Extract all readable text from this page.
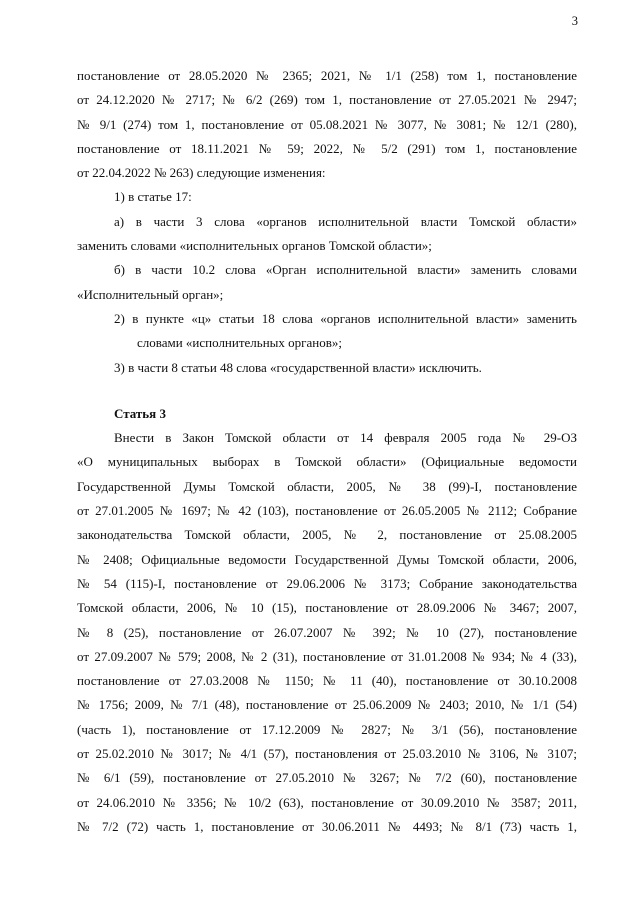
3

постановление от 28.05.2020 № 2365; 2021, № 1/1 (258) том 1, постановление
от 24.12.2020 № 2717; № 6/2 (269) том 1, постановление от 27.05.2021 № 2947;
№ 9/1 (274) том 1, постановление от 05.08.2021 № 3077, № 3081; № 12/1 (280),
постановление от 18.11.2021 № 59; 2022, № 5/2 (291) том 1, постановление
от 22.04.2022 № 263) следующие изменения:
1) в статье 17:
а) в части 3 слова «органов исполнительной власти Томской области»
заменить словами «исполнительных органов Томской области»;
б) в части 10.2 слова «Орган исполнительной власти» заменить словами
«Исполнительный орган»;
2) в пункте «ц» статьи 18 слова «органов исполнительной власти» заменить
словами «исполнительных органов»;
3) в части 8 статьи 48 слова «государственной власти» исключить.
Статья 3
Внести в Закон Томской области от 14 февраля 2005 года № 29-ОЗ
«О муниципальных выборах в Томской области» (Официальные ведомости
Государственной Думы Томской области, 2005, № 38 (99)-I, постановление
от 27.01.2005 № 1697; № 42 (103), постановление от 26.05.2005 № 2112; Собрание
законодательства Томской области, 2005, № 2, постановление от 25.08.2005
№ 2408; Официальные ведомости Государственной Думы Томской области, 2006,
№ 54 (115)-I, постановление от 29.06.2006 № 3173; Собрание законодательства
Томской области, 2006, № 10 (15), постановление от 28.09.2006 № 3467; 2007,
№ 8 (25), постановление от 26.07.2007 № 392; № 10 (27), постановление
от 27.09.2007 № 579; 2008, № 2 (31), постановление от 31.01.2008 № 934; № 4 (33),
постановление от 27.03.2008 № 1150; № 11 (40), постановление от 30.10.2008
№ 1756; 2009, № 7/1 (48), постановление от 25.06.2009 № 2403; 2010, № 1/1 (54)
(часть 1), постановление от 17.12.2009 № 2827; № 3/1 (56), постановление
от 25.02.2010 № 3017; № 4/1 (57), постановления от 25.03.2010 № 3106, № 3107;
№ 6/1 (59), постановление от 27.05.2010 № 3267; № 7/2 (60), постановление
от 24.06.2010 № 3356; № 10/2 (63), постановление от 30.09.2010 № 3587; 2011,
№ 7/2 (72) часть 1, постановление от 30.06.2011 № 4493; № 8/1 (73) часть 1,
